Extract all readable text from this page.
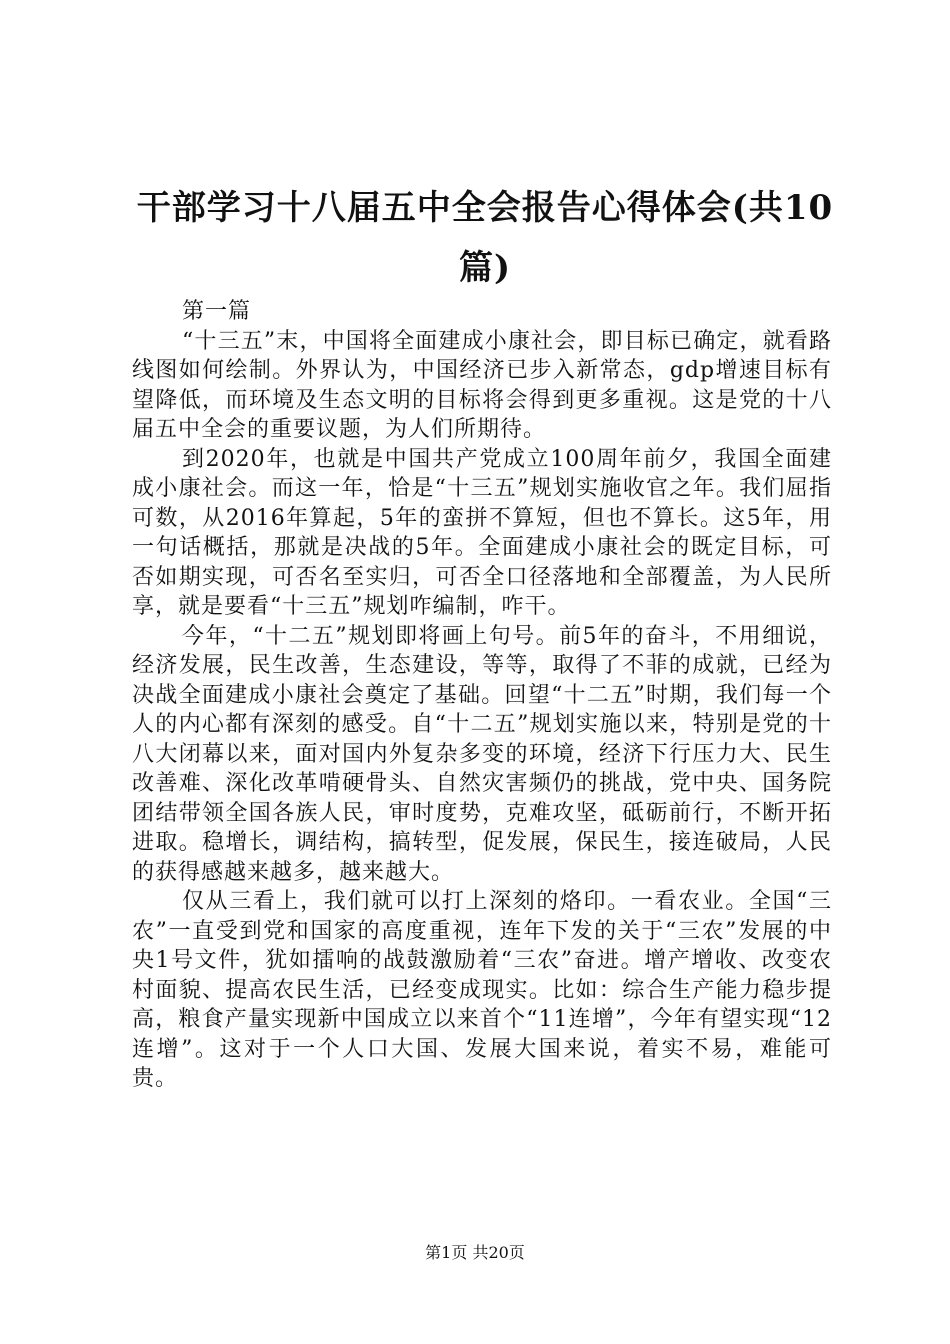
干部学习十八届五中全会报告心得体会(共10篇)

第一篇

“十三五”末，中国将全面建成小康社会，即目标已确定，就看路线图如何绘制。外界认为，中国经济已步入新常态，gdp增速目标有望降低，而环境及生态文明的目标将会得到更多重视。这是党的十八届五中全会的重要议题，为人们所期待。

到2020年，也就是中国共产党成立100周年前夕，我国全面建成小康社会。而这一年，恰是“十三五”规划实施收官之年。我们屈指可数，从2016年算起，5年的蛮拼不算短，但也不算长。这5年，用一句话概括，那就是决战的5年。全面建成小康社会的既定目标，可否如期实现，可否名至实归，可否全口径落地和全部覆盖，为人民所享，就是要看“十三五”规划咋编制，咋干。

今年，“十二五”规划即将画上句号。前5年的奋斗，不用细说，经济发展，民生改善，生态建设，等等，取得了不菲的成就，已经为决战全面建成小康社会奠定了基础。回望“十二五”时期，我们每一个人的内心都有深刻的感受。自“十二五”规划实施以来，特别是党的十八大闭幕以来，面对国内外复杂多变的环境，经济下行压力大、民生改善难、深化改革啃硬骨头、自然灾害频仍的挑战，党中央、国务院团结带领全国各族人民，审时度势，克难攻坚，砥砺前行，不断开拓进取。稳增长，调结构，搞转型，促发展，保民生，接连破局，人民的获得感越来越多，越来越大。

仅从三看上，我们就可以打上深刻的烙印。一看农业。全国“三农”一直受到党和国家的高度重视，连年下发的关于“三农”发展的中央1号文件，犹如擂响的战鼓激励着“三农”奋进。增产增收、改变农村面貌、提高农民生活，已经变成现实。比如：综合生产能力稳步提高，粮食产量实现新中国成立以来首个“11连增”，今年有望实现“12连增”。这对于一个人口大国、发展大国来说，着实不易，难能可贵。

第1页 共20页
